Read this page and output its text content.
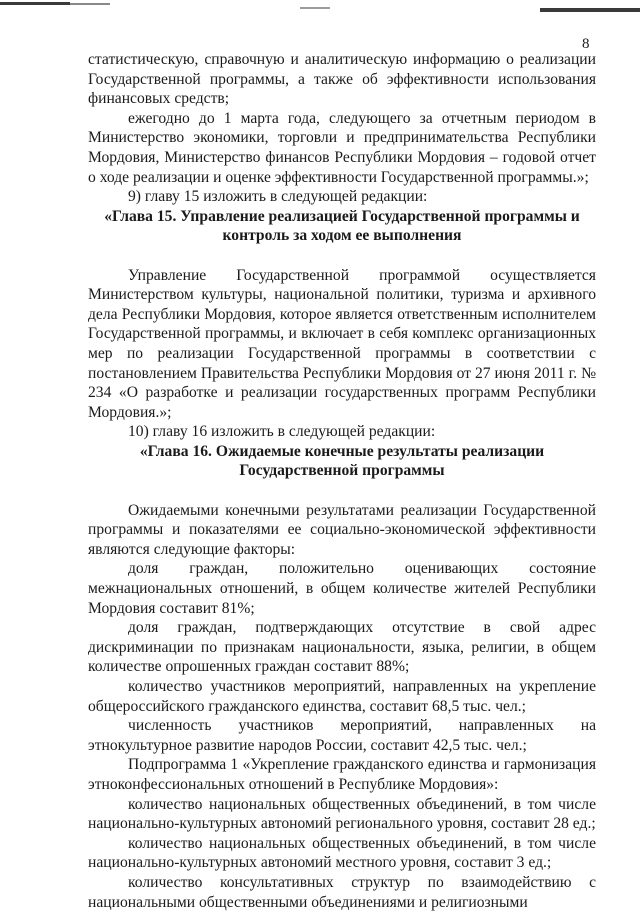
8

статистическую, справочную и аналитическую информацию о реализации Государственной программы, а также об эффективности использования финансовых средств;

ежегодно до 1 марта года, следующего за отчетным периодом в Министерство экономики, торговли и предпринимательства Республики Мордовия, Министерство финансов Республики Мордовия – годовой отчет о ходе реализации и оценке эффективности Государственной программы.»;

9) главу 15 изложить в следующей редакции:

«Глава 15. Управление реализацией Государственной программы и контроль за ходом ее выполнения

Управление Государственной программой осуществляется Министерством культуры, национальной политики, туризма и архивного дела Республики Мордовия, которое является ответственным исполнителем Государственной программы, и включает в себя комплекс организационных мер по реализации Государственной программы в соответствии с постановлением Правительства Республики Мордовия от 27 июня 2011 г. № 234 «О разработке и реализации государственных программ Республики Мордовия.»;

10) главу 16 изложить в следующей редакции:

«Глава 16. Ожидаемые конечные результаты реализации Государственной программы

Ожидаемыми конечными результатами реализации Государственной программы и показателями ее социально-экономической эффективности являются следующие факторы:

доля граждан, положительно оценивающих состояние межнациональных отношений, в общем количестве жителей Республики Мордовия составит 81%;

доля граждан, подтверждающих отсутствие в свой адрес дискриминации по признакам национальности, языка, религии, в общем количестве опрошенных граждан составит 88%;

количество участников мероприятий, направленных на укрепление общероссийского гражданского единства, составит 68,5 тыс. чел.;

численность участников мероприятий, направленных на этнокультурное развитие народов России, составит 42,5 тыс. чел.;

Подпрограмма 1 «Укрепление гражданского единства и гармонизация этноконфессиональных отношений в Республике Мордовия»:

количество национальных общественных объединений, в том числе национально-культурных автономий регионального уровня, составит 28 ед.;

количество национальных общественных объединений, в том числе национально-культурных автономий местного уровня, составит 3 ед.;

количество консультативных структур по взаимодействию с национальными общественными объединениями и религиозными
